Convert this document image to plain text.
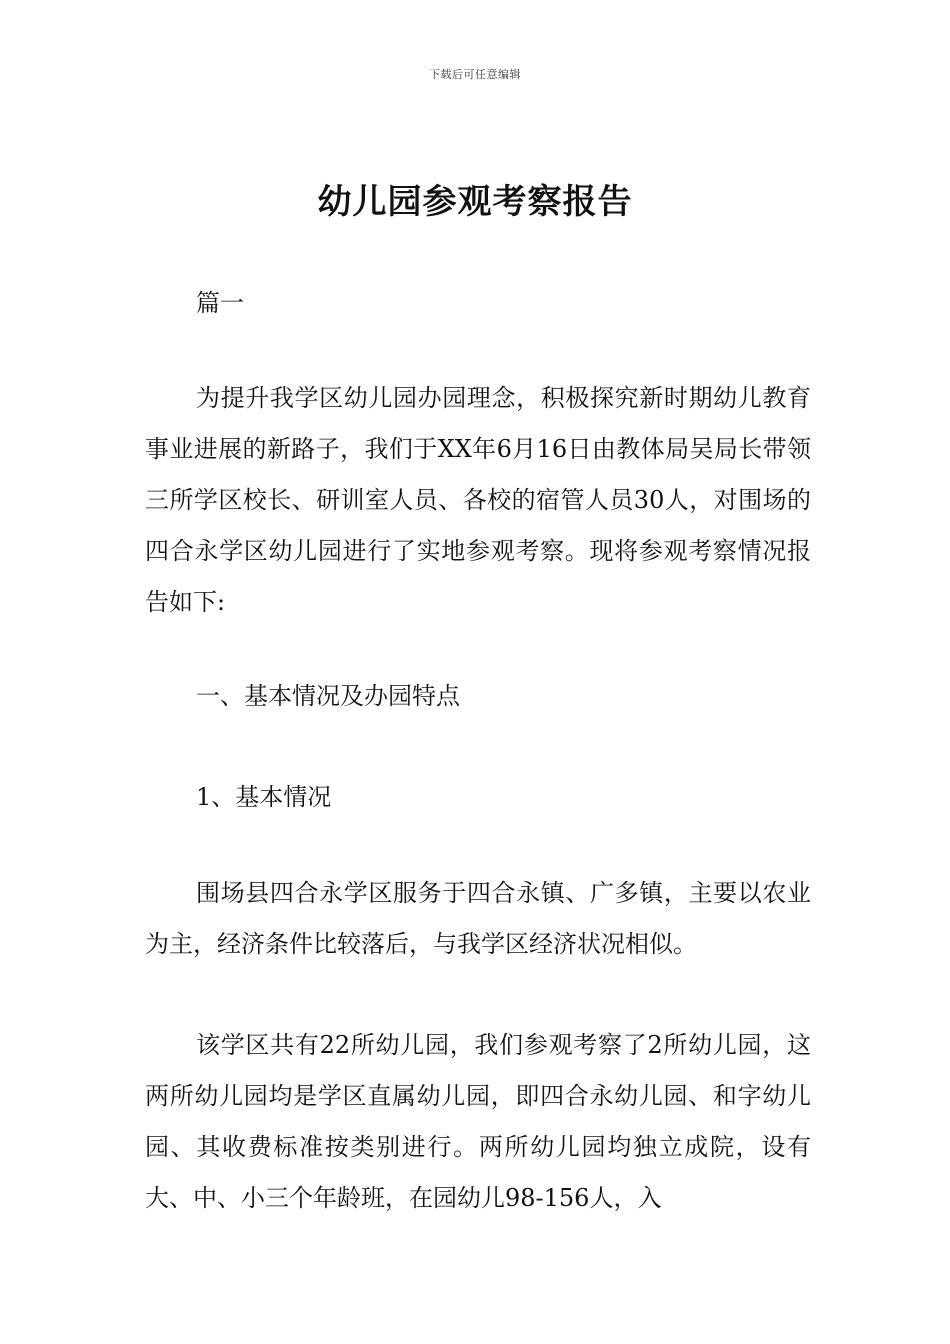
下载后可任意编辑
幼儿园参观考察报告

篇一

为提升我学区幼儿园办园理念，积极探究新时期幼儿教育事业进展的新路子，我们于XX年6月16日由教体局吴局长带领三所学区校长、研训室人员、各校的宿管人员30人，对围场的四合永学区幼儿园进行了实地参观考察。现将参观考察情况报告如下:

一、基本情况及办园特点

1、基本情况

围场县四合永学区服务于四合永镇、广多镇，主要以农业为主，经济条件比较落后，与我学区经济状况相似。

该学区共有22所幼儿园，我们参观考察了2所幼儿园，这两所幼儿园均是学区直属幼儿园，即四合永幼儿园、和字幼儿园、其收费标准按类别进行。两所幼儿园均独立成院，设有大、中、小三个年龄班，在园幼儿98-156人，入
